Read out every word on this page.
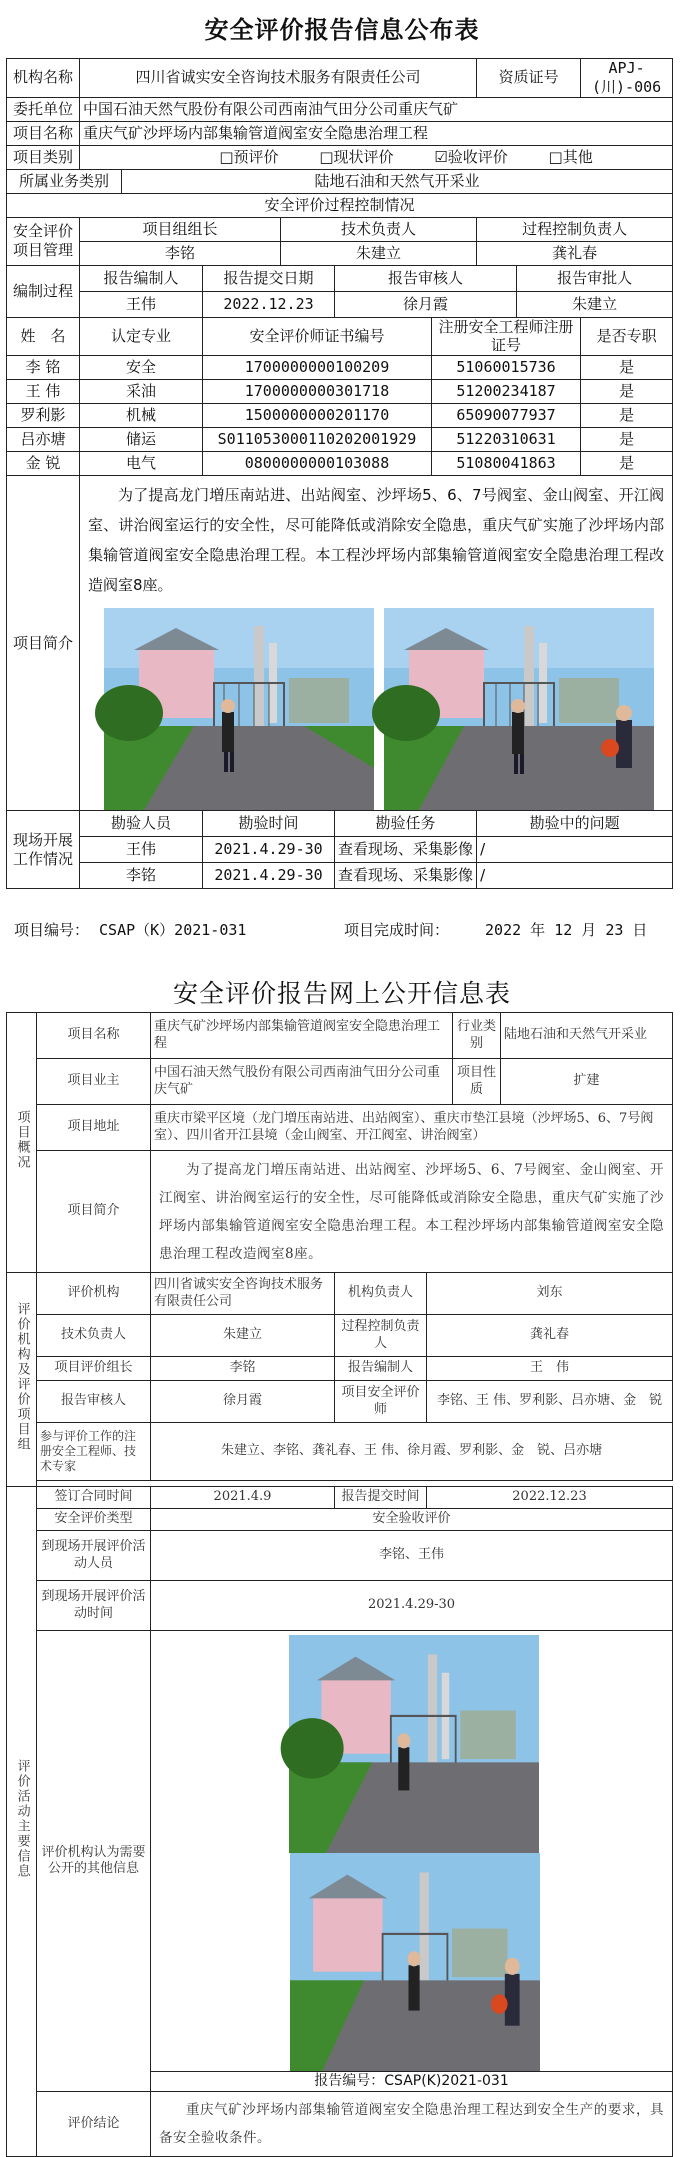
安全评价报告信息公布表
机构名称	四川省诚实安全咨询技术服务有限责任公司						资质证号		APJ-(川)-006
委托单位	中国石油天然气股份有限公司西南油气田分公司重庆气矿								
项目名称	重庆气矿沙坪场内部集输管道阀室安全隐患治理工程								
项目类别	□预评价 □现状评价 ☑验收评价 □其他								
所属业务类别		陆地石油和天然气开采业							
安全评价过程控制情况									

安全评价
项目管理	项目组组长			技术负责人			过程控制负责人		
	李铭			朱建立			龚礼春		
编制过程	报告编制人		报告提交日期		报告审核人			报告审批人	
	王伟		2022.12.23		徐月霞			朱建立	
姓　名	认定专业		安全评价师证书编号			注册安全工程师注册证号			是否专职
李 铭	安全		1700000000100209			51060015736			是
王 伟	采油		1700000000301718			51200234187			是
罗利影	机械		1500000000201170			65090077937			是
吕亦塘	储运		S011053000110202001929			51220310631			是
金 锐	电气		0800000000103088			51080041863			是
项目简介	为了提高龙门増压南站进、出站阀室、沙坪场5、6、7号阀室、金山阀室、开江阀室、讲治阀室运行的安全性，尽可能降低或消除安全隐患，重庆气矿实施了沙坪场内部集输管道阀室安全隐患治理工程。本工程沙坪场内部集输管道阀室安全隐患治理工程改造阀室8座。								

现场开展
工作情况	勘验人员		勘验时间		勘验任务		勘验中的问题		
	王伟		2021.4.29-30		查看现场、采集影像		/		
	李铭		2021.4.29-30		查看现场、采集影像		/		
项目编号： CSAP（K）2021-031	项目完成时间： 2022 年 12 月 23 日
安全评价报告网上公开信息表
项目概况	项目名称	重庆气矿沙坪场内部集输管道阀室安全隐患治理工程			行业类别	陆地石油和天然气开采业
	项目业主	中国石油天然气股份有限公司西南油气田分公司重庆气矿			项目性质	扩建
	项目地址	重庆市梁平区境（龙门増压南站进、出站阀室）、重庆市垫江县境（沙坪场5、6、7号阀室）、四川省开江县境（金山阀室、开江阀室、讲治阀室）				
	项目简介	为了提高龙门増压南站进、出站阀室、沙坪场5、6、7号阀室、金山阀室、开江阀室、讲治阀室运行的安全性，尽可能降低或消除安全隐患，重庆气矿实施了沙坪场内部集输管道阀室安全隐患治理工程。本工程沙坪场内部集输管道阀室安全隐患治理工程改造阀室8座。				
评价机构及评价项目组	评价机构	四川省诚实安全咨询技术服务有限责任公司	机构负责人	刘东		
	技术负责人	朱建立	过程控制负责人	龚礼春		
	项目评价组长	李铭	报告编制人	王　伟		
	报告审核人	徐月霞	项目安全评价师	李铭、王 伟、罗利影、吕亦塘、金　锐		
	参与评价工作的注册安全工程师、技术专家	朱建立、李铭、龚礼春、王 伟、徐月霞、罗利影、金　锐、吕亦塘				

评价活动主要信息	签订合同时间	2021.4.9	报告提交时间	2022.12.23		
	安全评价类型	安全验收评价				
	到现场开展评价活动人员	李铭、王伟				
	到现场开展评价活动时间	2021.4.29-30				
	评价机构认为需要公开的其他信息	
		报告编号：CSAP(K)2021-031				
	评价结论	重庆气矿沙坪场内部集输管道阀室安全隐患治理工程达到安全生产的要求，具备安全验收条件。				
